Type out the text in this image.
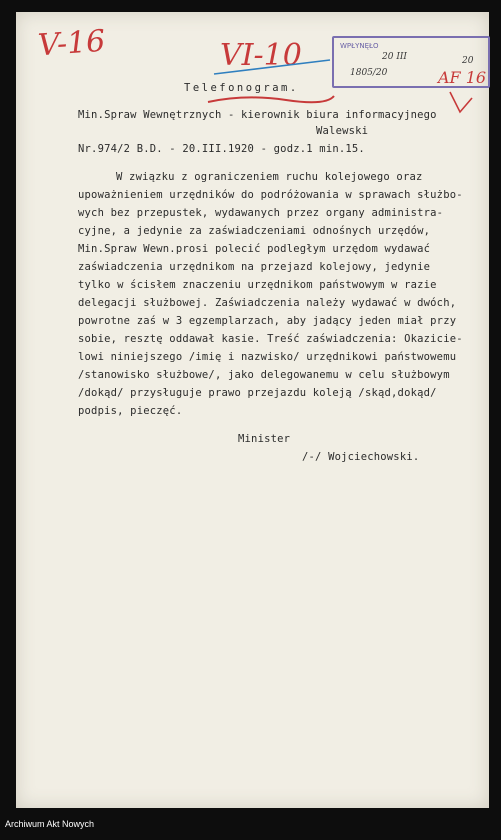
V-16	VI-10
AF 16
WPŁYNĘŁO
20 III
1805/20
20
Telefonogram.
Min.Spraw Wewnętrznych - kierownik biura informacyjnego
Walewski
Nr.974/2 B.D. - 20.III.1920 - godz.1 min.15.
W związku z ograniczeniem ruchu kolejowego oraz
upoważnieniem urzędników do podróżowania w sprawach służbo-
wych bez przepustek, wydawanych przez organy administra-
cyjne, a jedynie za zaświadczeniami odnośnych urzędów,
Min.Spraw Wewn.prosi polecić podległym urzędom wydawać
zaświadczenia urzędnikom na przejazd kolejowy, jedynie
tylko w ścisłem znaczeniu urzędnikom państwowym w razie
delegacji służbowej. Zaświadczenia należy wydawać w dwóch,
powrotne zaś w 3 egzemplarzach, aby jadący jeden miał przy
sobie, resztę oddawał kasie. Treść zaświadczenia: Okazicie-
lowi niniejszego /imię i nazwisko/ urzędnikowi państwowemu
/stanowisko służbowe/, jako delegowanemu w celu służbowym
/dokąd/ przysługuje prawo przejazdu koleją /skąd,dokąd/
podpis, pieczęć.
Minister
/-/ Wojciechowski.
Archiwum Akt Nowych
